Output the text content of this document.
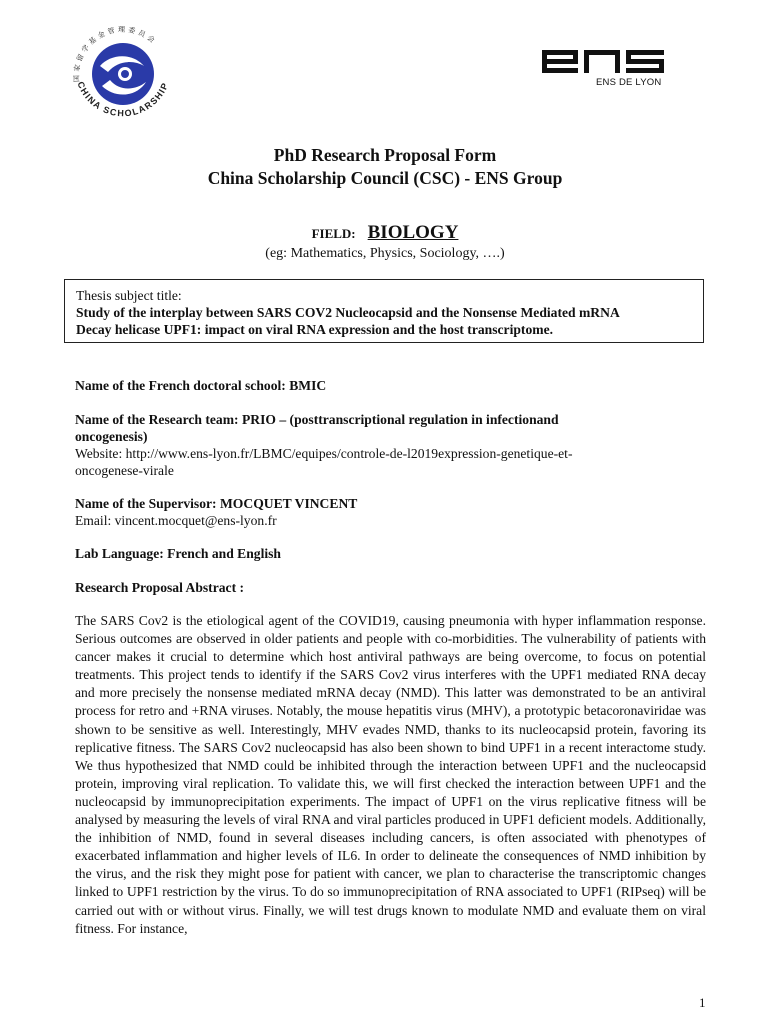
CHINA SCHOLARSHIP
国家留学基金管理委员会
ENS DE LYON
PhD Research Proposal Form
China Scholarship Council (CSC) - ENS Group
FIELD: BIOLOGY
(eg: Mathematics, Physics, Sociology, ….)
Thesis subject title:
Study of the interplay between SARS COV2 Nucleocapsid and the Nonsense Mediated mRNA
Decay helicase UPF1: impact on viral RNA expression and the host transcriptome.
Name of the French doctoral school: BMIC
Name of the Research team: PRIO – (posttranscriptional regulation in infectionand
oncogenesis)
Website: http://www.ens-lyon.fr/LBMC/equipes/controle-de-l2019expression-genetique-et-
oncogenese-virale
Name of the Supervisor: MOCQUET VINCENT
Email: vincent.mocquet@ens-lyon.fr
Lab Language: French and English
Research Proposal Abstract :
The SARS Cov2 is the etiological agent of the COVID19, causing pneumonia with hyper inflammation response. Serious outcomes are observed in older patients and people with co-morbidities. The vulnerability of patients with cancer makes it crucial to determine which host antiviral pathways are being overcome, to focus on potential treatments. This project tends to identify if the SARS Cov2 virus interferes with the UPF1 mediated RNA decay and more precisely the nonsense mediated mRNA decay (NMD). This latter was demonstrated to be an antiviral process for retro and +RNA viruses. Notably, the mouse hepatitis virus (MHV), a prototypic betacoronaviridae was shown to be sensitive as well. Interestingly, MHV evades NMD, thanks to its nucleocapsid protein, favoring its replicative fitness. The SARS Cov2 nucleocapsid has also been shown to bind UPF1 in a recent interactome study. We thus hypothesized that NMD could be inhibited through the interaction between UPF1 and the nucleocapsid protein, improving viral replication. To validate this, we will first checked the interaction between UPF1 and the nucleocapsid by immunoprecipitation experiments. The impact of UPF1 on the virus replicative fitness will be analysed by measuring the levels of viral RNA and viral particles produced in UPF1 deficient models. Additionally, the inhibition of NMD, found in several diseases including cancers, is often associated with phenotypes of exacerbated inflammation and higher levels of IL6. In order to delineate the consequences of NMD inhibition by the virus, and the risk they might pose for patient with cancer, we plan to characterise the transcriptomic changes linked to UPF1 restriction by the virus. To do so immunoprecipitation of RNA associated to UPF1 (RIPseq) will be carried out with or without virus. Finally, we will test drugs known to modulate NMD and evaluate them on viral fitness. For instance,
1
